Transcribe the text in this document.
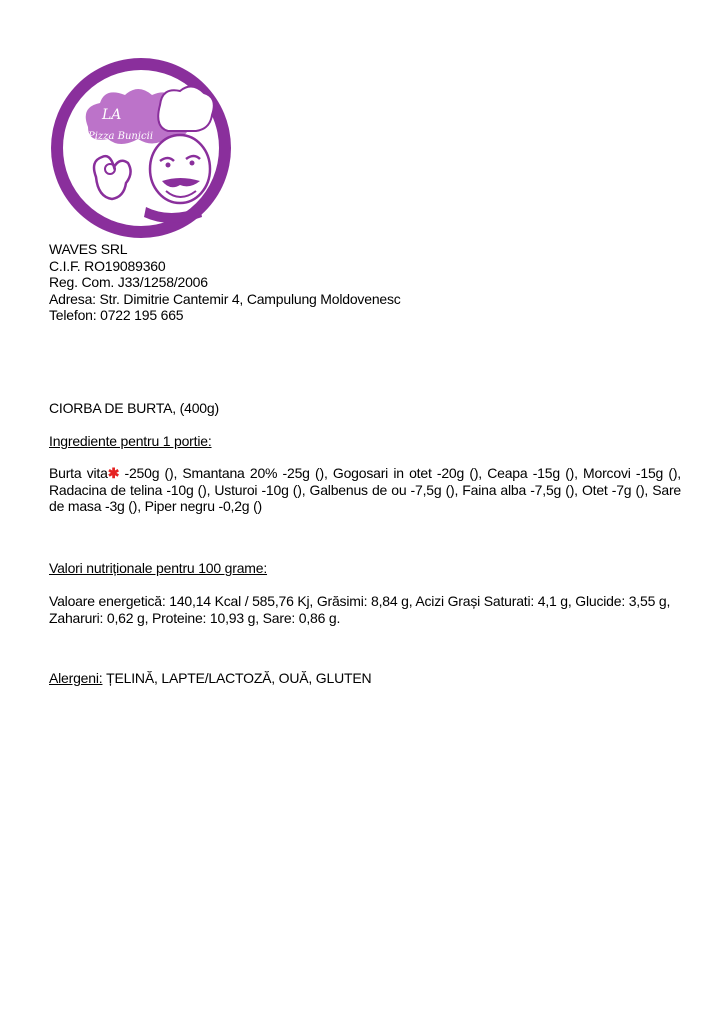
LA
Pizza Bunicii
WAVES SRL
C.I.F. RO19089360
Reg. Com. J33/1258/2006
Adresa: Str. Dimitrie Cantemir 4, Campulung Moldovenesc
Telefon: 0722 195 665
CIORBA DE BURTA, (400g)
Ingrediente pentru 1 portie:
Burta vita✱ -250g (), Smantana 20% -25g (), Gogosari in otet -20g (), Ceapa -15g (), Morcovi -15g (), Radacina de telina -10g (), Usturoi -10g (), Galbenus de ou -7,5g (), Faina alba -7,5g (), Otet -7g (), Sare de masa -3g (), Piper negru -0,2g ()
Valori nutriționale pentru 100 grame:
Valoare energetică: 140,14 Kcal / 585,76 Kj, Grăsimi: 8,84 g, Acizi Grași Saturati: 4,1 g, Glucide: 3,55 g, Zaharuri: 0,62 g, Proteine: 10,93 g, Sare: 0,86 g.
Alergeni: ȚELINĂ, LAPTE/LACTOZĂ, OUĂ, GLUTEN
